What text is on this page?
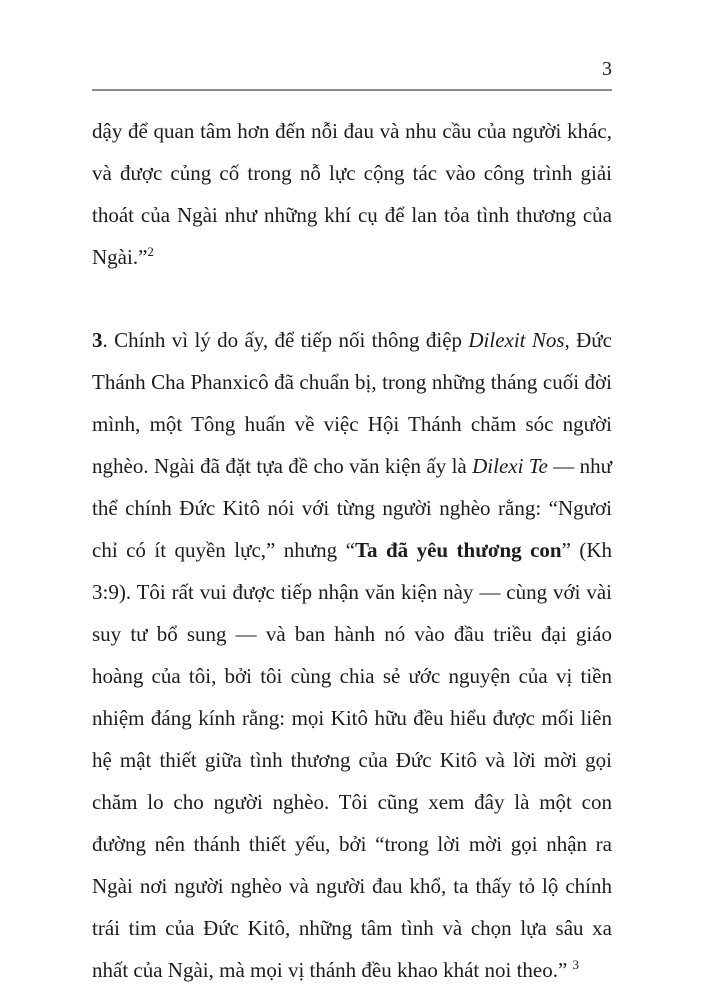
3

dậy để quan tâm hơn đến nỗi đau và nhu cầu của người khác, và được củng cố trong nỗ lực cộng tác vào công trình giải thoát của Ngài như những khí cụ để lan tỏa tình thương của Ngài.”$^2$

3. Chính vì lý do ấy, để tiếp nối thông điệp Dilexit Nos, Đức Thánh Cha Phanxicô đã chuẩn bị, trong những tháng cuối đời mình, một Tông huấn về việc Hội Thánh chăm sóc người nghèo. Ngài đã đặt tựa đề cho văn kiện ấy là Dilexi Te — như thể chính Đức Kitô nói với từng người nghèo rằng: “Ngươi chỉ có ít quyền lực,” nhưng “Ta đã yêu thương con” (Kh 3:9). Tôi rất vui được tiếp nhận văn kiện này — cùng với vài suy tư bổ sung — và ban hành nó vào đầu triều đại giáo hoàng của tôi, bởi tôi cùng chia sẻ ước nguyện của vị tiền nhiệm đáng kính rằng: mọi Kitô hữu đều hiểu được mối liên hệ mật thiết giữa tình thương của Đức Kitô và lời mời gọi chăm lo cho người nghèo. Tôi cũng xem đây là một con đường nên thánh thiết yếu, bởi “trong lời mời gọi nhận ra Ngài nơi người nghèo và người đau khổ, ta thấy tỏ lộ chính trái tim của Đức Kitô, những tâm tình và chọn lựa sâu xa nhất của Ngài, mà mọi vị thánh đều khao khát noi theo.” $^3$
